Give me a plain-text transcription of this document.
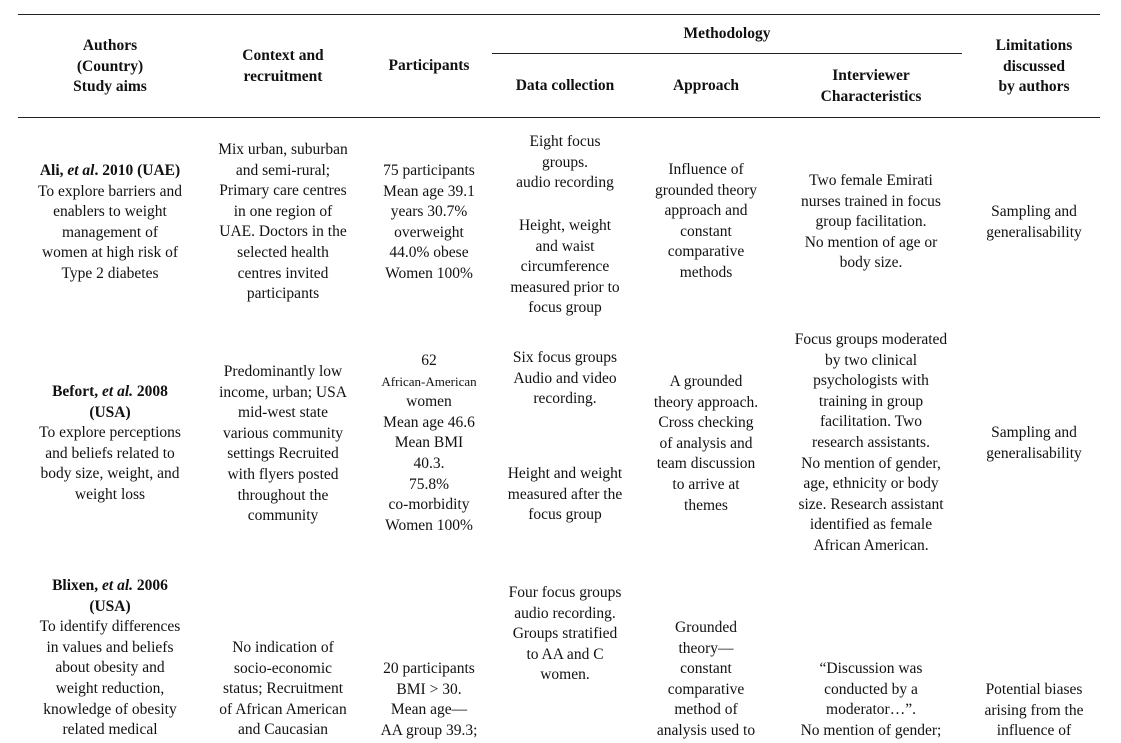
Authors
(Country)
Study aims
Context and
recruitment
Participants
Methodology
Data collection	Approach
Interviewer
Characteristics
Limitations
discussed
by authors
Ali, et al. 2010 (UAE)
To explore barriers and
enablers to weight
management of
women at high risk of
Type 2 diabetes
Mix urban, suburban
and semi-rural;
Primary care centres
in one region of
UAE. Doctors in the
selected health
centres invited
participants
75 participants
Mean age 39.1
years 30.7%
overweight
44.0% obese
Women 100%
Eight focus
groups.
audio recording
Height, weight
and waist
circumference
measured prior to
focus group
Influence of
grounded theory
approach and
constant
comparative
methods
Two female Emirati
nurses trained in focus
group facilitation.
No mention of age or
body size.
Sampling and
generalisability
Befort, et al. 2008
(USA)
To explore perceptions
and beliefs related to
body size, weight, and
weight loss
Predominantly low
income, urban; USA
mid-west state
various community
settings Recruited
with flyers posted
throughout the
community
62
African-American
women
Mean age 46.6
Mean BMI
40.3.
75.8%
co-morbidity
Women 100%
Six focus groups
Audio and video
recording.
Height and weight
measured after the
focus group
A grounded
theory approach.
Cross checking
of analysis and
team discussion
to arrive at
themes
Focus groups moderated
by two clinical
psychologists with
training in group
facilitation. Two
research assistants.
No mention of gender,
age, ethnicity or body
size. Research assistant
identified as female
African American.
Sampling and
generalisability
Blixen, et al. 2006
(USA)
To identify differences
in values and beliefs
about obesity and
weight reduction,
knowledge of obesity
related medical
No indication of
socio-economic
status; Recruitment
of African American
and Caucasian
20 participants
BMI > 30.
Mean age—
AA group 39.3;
Four focus groups
audio recording.
Groups stratified
to AA and C
women.
Grounded
theory—
constant
comparative
method of
analysis used to
“Discussion was
conducted by a
moderator…”.
No mention of gender;
Potential biases
arising from the
influence of
